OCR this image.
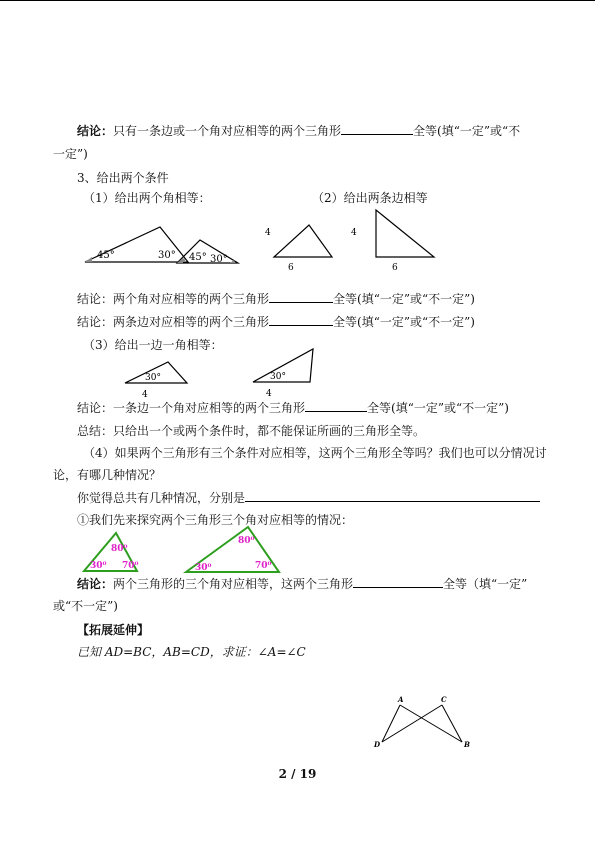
结论：只有一条边或一个角对应相等的两个三角形	全等(填“一定”或“不
一定”)
3、给出两个条件
（1）给出两个角相等：	（2）给出两条边相等
45°	30° 45° 30°
4
6
4
6
结论：两个角对应相等的两个三角形	全等(填“一定”或“不一定”)
结论：两条边对应相等的两个三角形	全等(填“一定”或“不一定”)
（3）给出一边一角相等：
30°
4
30°
4
结论：一条边一个角对应相等的两个三角形	全等(填“一定”或“不一定”)
总结：只给出一个或两个条件时，都不能保证所画的三角形全等。
（4）如果两个三角形有三个条件对应相等，这两个三角形全等吗？我们也可以分情况讨
论，有哪几种情况？
你觉得总共有几种情况，分别是
①我们先来探究两个三角形三个角对应相等的情况：
80⁰
30⁰ 70⁰
80⁰
30⁰	70⁰
结论：两个三角形的三个角对应相等，这两个三角形	全等（填“一定”
或“不一定”)
【拓展延伸】
已知 AD=BC，AB=CD，求证：∠A=∠C
A	C
D	B
2 / 19
